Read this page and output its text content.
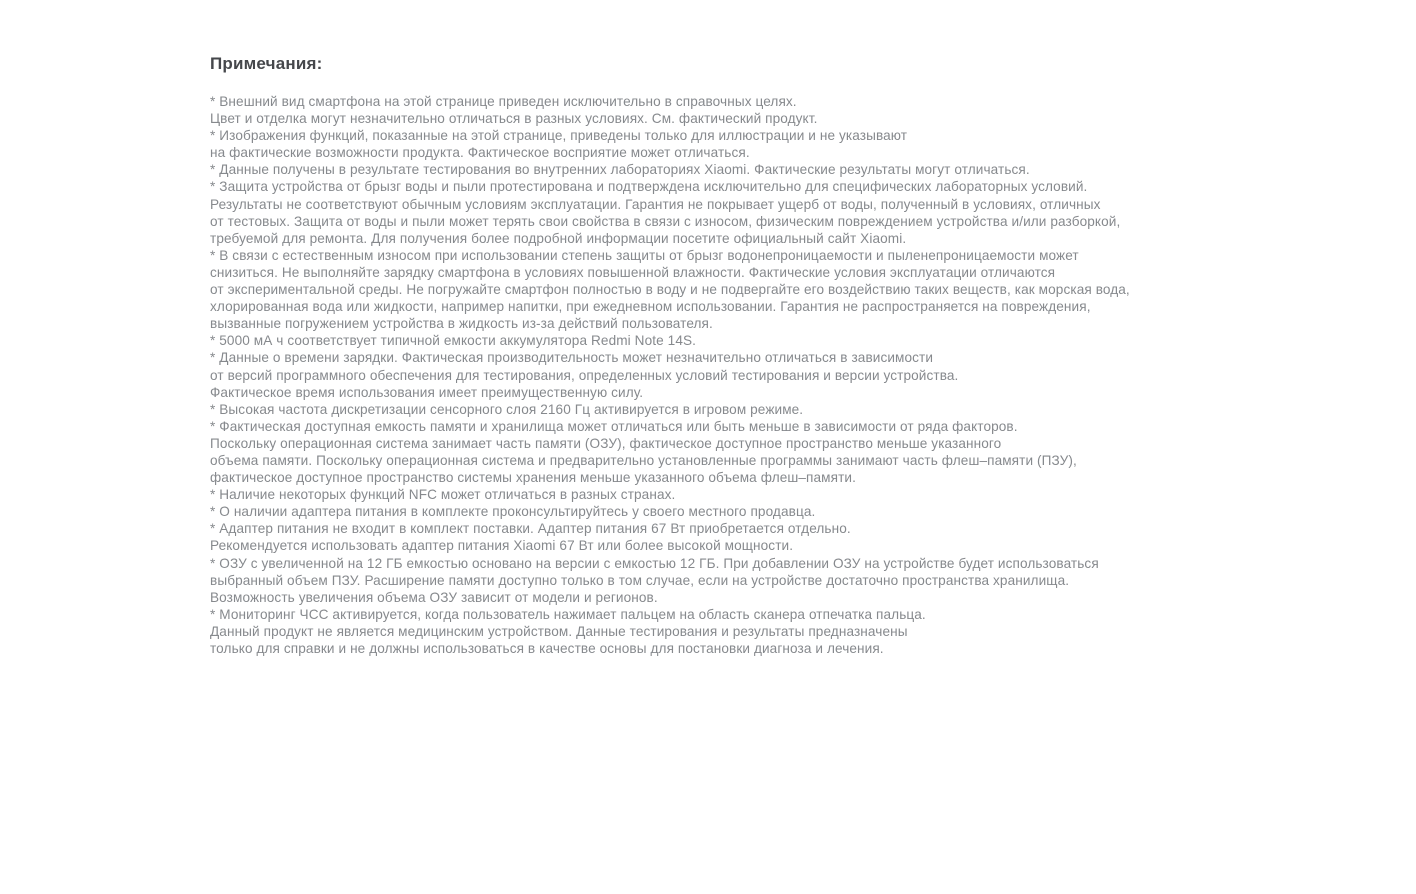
Примечания:
* Внешний вид смартфона на этой странице приведен исключительно в справочных целях.
Цвет и отделка могут незначительно отличаться в разных условиях. См. фактический продукт.
* Изображения функций, показанные на этой странице, приведены только для иллюстрации и не указывают
на фактические возможности продукта. Фактическое восприятие может отличаться.
* Данные получены в результате тестирования во внутренних лабораториях Xiaomi. Фактические результаты могут отличаться.
* Защита устройства от брызг воды и пыли протестирована и подтверждена исключительно для специфических лабораторных условий.
Результаты не соответствуют обычным условиям эксплуатации. Гарантия не покрывает ущерб от воды, полученный в условиях, отличных
от тестовых. Защита от воды и пыли может терять свои свойства в связи с износом, физическим повреждением устройства и/или разборкой,
требуемой для ремонта. Для получения более подробной информации посетите официальный сайт Xiaomi.
* В связи с естественным износом при использовании степень защиты от брызг водонепроницаемости и пыленепроницаемости может
снизиться. Не выполняйте зарядку смартфона в условиях повышенной влажности. Фактические условия эксплуатации отличаются
от экспериментальной среды. Не погружайте смартфон полностью в воду и не подвергайте его воздействию таких веществ, как морская вода,
хлорированная вода или жидкости, например напитки, при ежедневном использовании. Гарантия не распространяется на повреждения,
вызванные погружением устройства в жидкость из-за действий пользователя.
* 5000 мА ч соответствует типичной емкости аккумулятора Redmi Note 14S.
* Данные о времени зарядки. Фактическая производительность может незначительно отличаться в зависимости
от версий программного обеспечения для тестирования, определенных условий тестирования и версии устройства.
Фактическое время использования имеет преимущественную силу.
* Высокая частота дискретизации сенсорного слоя 2160 Гц активируется в игровом режиме.
* Фактическая доступная емкость памяти и хранилища может отличаться или быть меньше в зависимости от ряда факторов.
Поскольку операционная система занимает часть памяти (ОЗУ), фактическое доступное пространство меньше указанного
объема памяти. Поскольку операционная система и предварительно установленные программы занимают часть флеш–памяти (ПЗУ),
фактическое доступное пространство системы хранения меньше указанного объема флеш–памяти.
* Наличие некоторых функций NFC может отличаться в разных странах.
* О наличии адаптера питания в комплекте проконсультируйтесь у своего местного продавца.
* Адаптер питания не входит в комплект поставки. Адаптер питания 67 Вт приобретается отдельно.
Рекомендуется использовать адаптер питания Xiaomi 67 Вт или более высокой мощности.
* ОЗУ с увеличенной на 12 ГБ емкостью основано на версии с емкостью 12 ГБ. При добавлении ОЗУ на устройстве будет использоваться
выбранный объем ПЗУ. Расширение памяти доступно только в том случае, если на устройстве достаточно пространства хранилища.
Возможность увеличения объема ОЗУ зависит от модели и регионов.
* Мониторинг ЧСС активируется, когда пользователь нажимает пальцем на область сканера отпечатка пальца.
Данный продукт не является медицинским устройством. Данные тестирования и результаты предназначены
только для справки и не должны использоваться в качестве основы для постановки диагноза и лечения.
